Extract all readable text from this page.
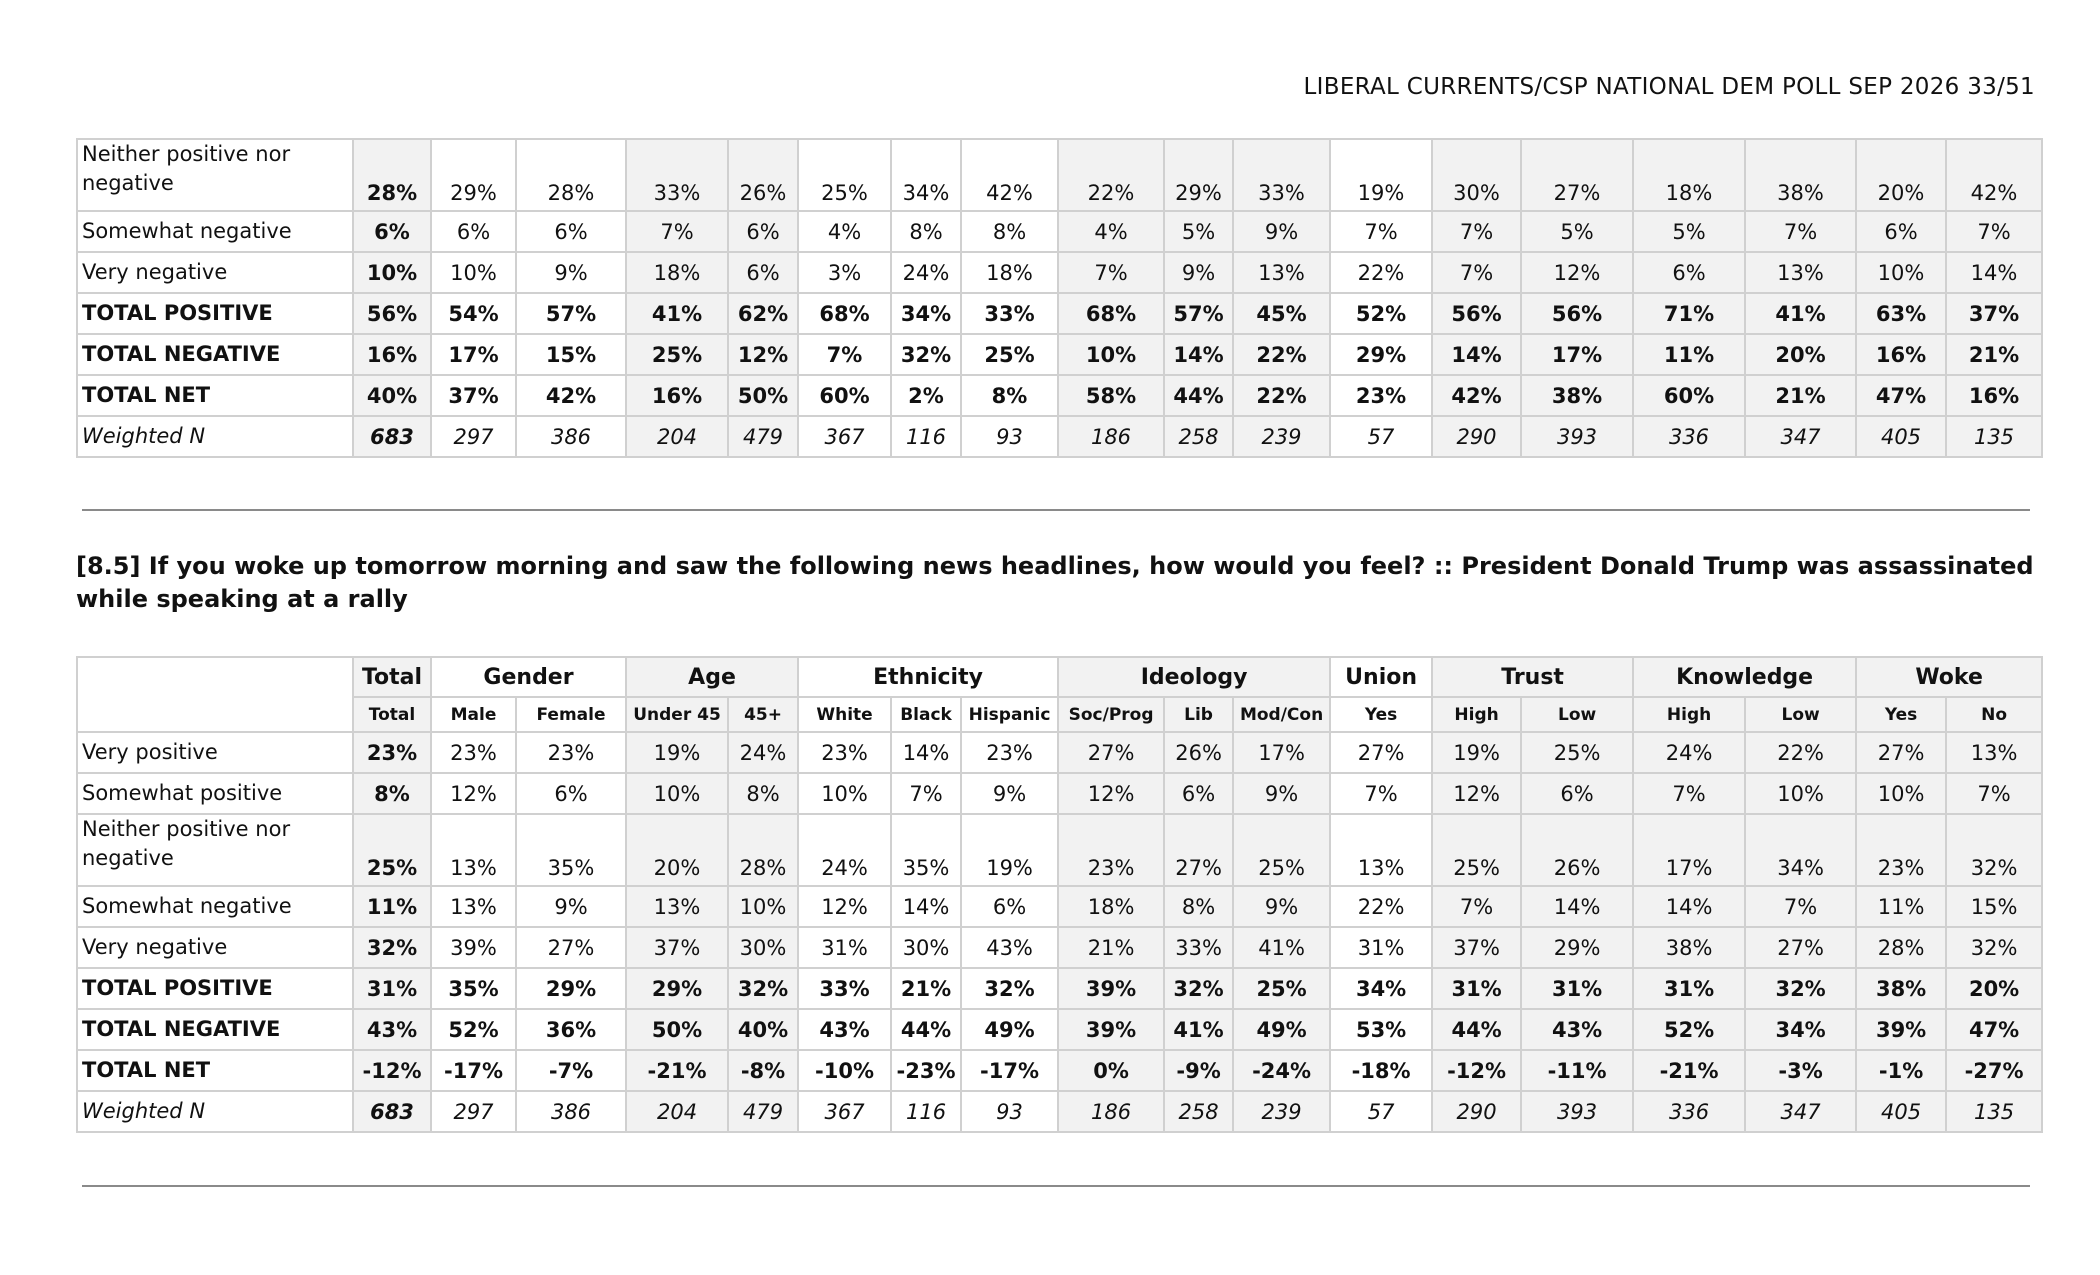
LIBERAL CURRENTS/CSP NATIONAL DEM POLL SEP 2026 33/51
Neither positive nor negative	28%	29%	28%	33%	26%	25%	34%	42%	22%	29%	33%	19%	30%	27%	18%	38%	20%	42%
Somewhat negative	6%	6%	6%	7%	6%	4%	8%	8%	4%	5%	9%	7%	7%	5%	5%	7%	6%	7%
Very negative	10%	10%	9%	18%	6%	3%	24%	18%	7%	9%	13%	22%	7%	12%	6%	13%	10%	14%
TOTAL POSITIVE	56%	54%	57%	41%	62%	68%	34%	33%	68%	57%	45%	52%	56%	56%	71%	41%	63%	37%
TOTAL NEGATIVE	16%	17%	15%	25%	12%	7%	32%	25%	10%	14%	22%	29%	14%	17%	11%	20%	16%	21%
TOTAL NET	40%	37%	42%	16%	50%	60%	2%	8%	58%	44%	22%	23%	42%	38%	60%	21%	47%	16%
Weighted N	683	297	386	204	479	367	116	93	186	258	239	57	290	393	336	347	405	135
[8.5] If you woke up tomorrow morning and saw the following news headlines, how would you feel? :: President Donald Trump was assassinated while speaking at a rally
	Total	Gender		Age		Ethnicity			Ideology			Union	Trust		Knowledge		Woke	
	Total	Male	Female	Under 45	45+	White	Black	Hispanic	Soc/Prog	Lib	Mod/Con	Yes	High	Low	High	Low	Yes	No
Very positive	23%	23%	23%	19%	24%	23%	14%	23%	27%	26%	17%	27%	19%	25%	24%	22%	27%	13%
Somewhat positive	8%	12%	6%	10%	8%	10%	7%	9%	12%	6%	9%	7%	12%	6%	7%	10%	10%	7%
Neither positive nor negative	25%	13%	35%	20%	28%	24%	35%	19%	23%	27%	25%	13%	25%	26%	17%	34%	23%	32%
Somewhat negative	11%	13%	9%	13%	10%	12%	14%	6%	18%	8%	9%	22%	7%	14%	14%	7%	11%	15%
Very negative	32%	39%	27%	37%	30%	31%	30%	43%	21%	33%	41%	31%	37%	29%	38%	27%	28%	32%
TOTAL POSITIVE	31%	35%	29%	29%	32%	33%	21%	32%	39%	32%	25%	34%	31%	31%	31%	32%	38%	20%
TOTAL NEGATIVE	43%	52%	36%	50%	40%	43%	44%	49%	39%	41%	49%	53%	44%	43%	52%	34%	39%	47%
TOTAL NET	-12%	-17%	-7%	-21%	-8%	-10%	-23%	-17%	0%	-9%	-24%	-18%	-12%	-11%	-21%	-3%	-1%	-27%
Weighted N	683	297	386	204	479	367	116	93	186	258	239	57	290	393	336	347	405	135
